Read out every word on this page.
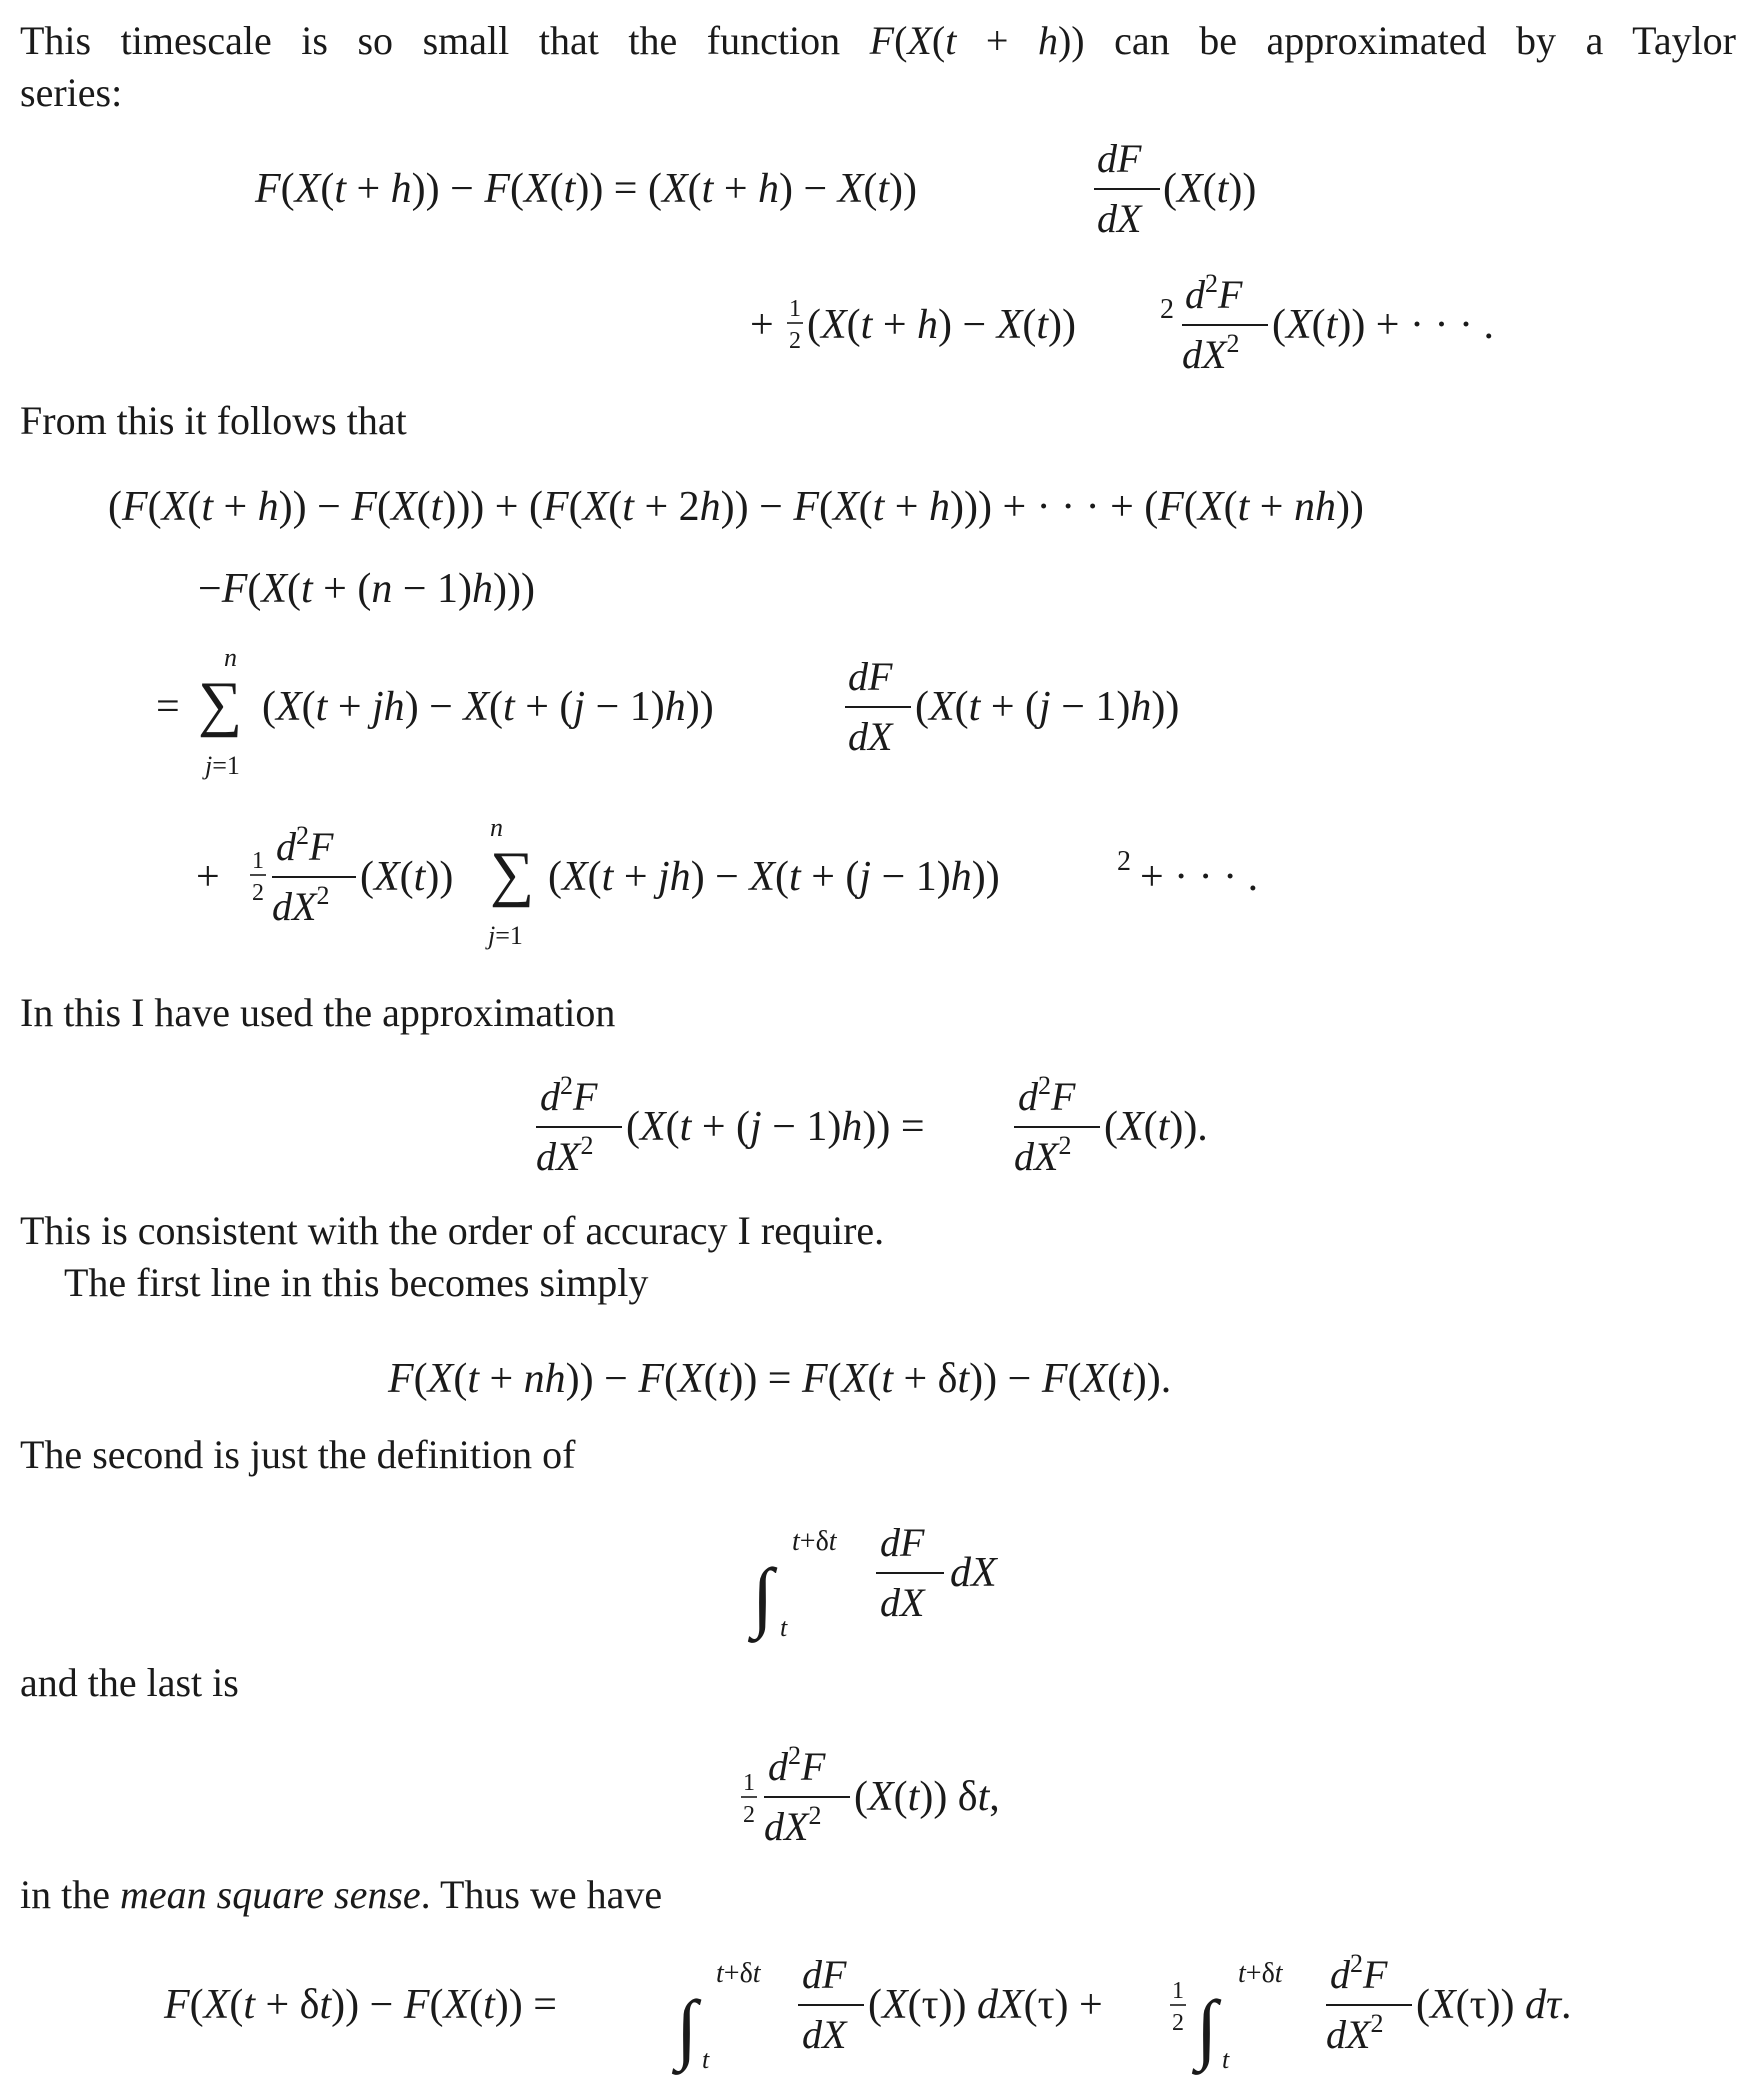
This timescale is so small that the function F(X(t + h)) can be approximated by a Taylor
series:
F(X(t + h)) − F(X(t)) = (X(t + h) − X(t))
dF
dX
(X(t))
+ 1
2 (X(t + h) − X(t))	2 $d^2F$
$dX^2$ (X(t)) + · · · .
From this it follows that
(F(X(t + h)) − F(X(t))) + (F(X(t + 2h)) − F(X(t + h))) + · · · + (F(X(t + nh))
−F(X(t + (n − 1)h)))
n
= ∑
j=1
(X(t + jh) − X(t + (j − 1)h))
dF
dX
(X(t + (j − 1)h))
n
+ 1
2
$d^2F$
$dX^2$ (X(t)) ∑
j=1
(X(t + jh) − X(t + (j − 1)h))	2 + · · · .
In this I have used the approximation
$d^2F$
$dX^2$ (X(t + (j − 1)h)) =
$d^2F$
$dX^2$ (X(t)).
This is consistent with the order of accuracy I require.
The first line in this becomes simply
F(X(t + nh)) − F(X(t)) = F(X(t + δt)) − F(X(t)).
The second is just the definition of
∫
t+δt
t
dF
dX
dX
and the last is
1
2
$d^2F$
$dX^2$ (X(t)) δt,
in the mean square sense. Thus we have
F(X(t + δt)) − F(X(t)) = ∫
t+δt
t
dF
dX
(X(τ)) dX(τ) +	1
2 ∫
t+δt
t
$d^2F$
$dX^2$ (X(τ)) dτ.
